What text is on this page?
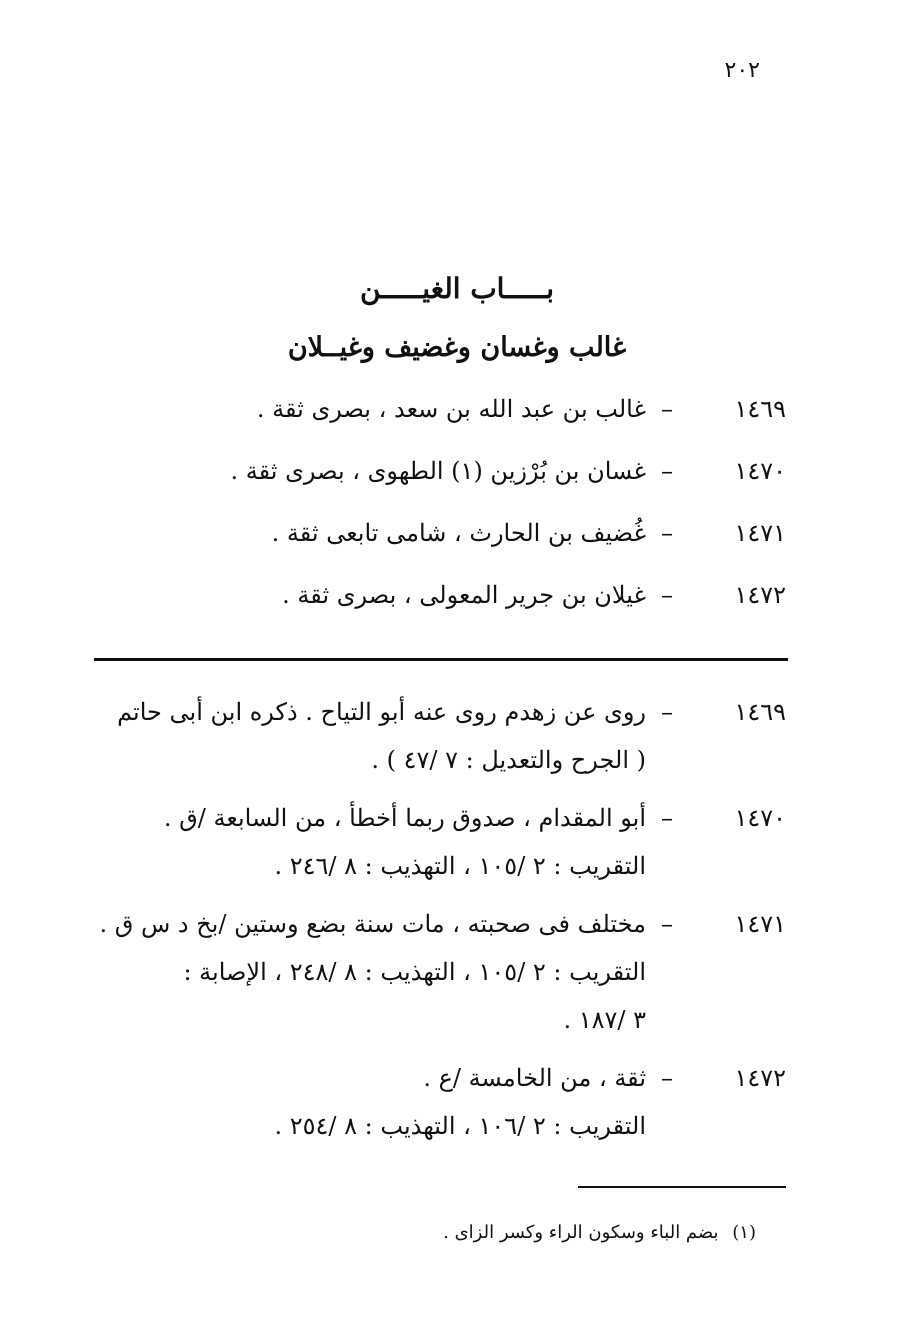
٢٠٢
بـــــاب الغيـــــن
غالب وغسان وغضيف وغيــلان
١٤٦٩
–
غالب بن عبد الله بن سعد ، بصرى ثقة .
١٤٧٠
–
غسان بن بُرْزين (١) الطهوى ، بصرى ثقة .
١٤٧١
–
غُضيف بن الحارث ، شامى تابعى ثقة .
١٤٧٢
–
غيلان بن جرير المعولى ، بصرى ثقة .
١٤٦٩
–
روى عن زهدم روى عنه أبو التياح . ذكره ابن أبى حاتم
( الجرح والتعديل : ٧ /٤٧ ) .
١٤٧٠
–
أبو المقدام ، صدوق ربما أخطأ ، من السابعة /ق .
التقريب : ٢ /١٠٥ ، التهذيب : ٨ /٢٤٦ .
١٤٧١
–
مختلف فى صحبته ، مات سنة بضع وستين /بخ د س ق .
التقريب : ٢ /١٠٥ ، التهذيب : ٨ /٢٤٨ ، الإصابة :
٣ /١٨٧ .
١٤٧٢
–
ثقة ، من الخامسة /ع .
التقريب : ٢ /١٠٦ ، التهذيب : ٨ /٢٥٤ .
(١) بضم الباء وسكون الراء وكسر الزاى .
